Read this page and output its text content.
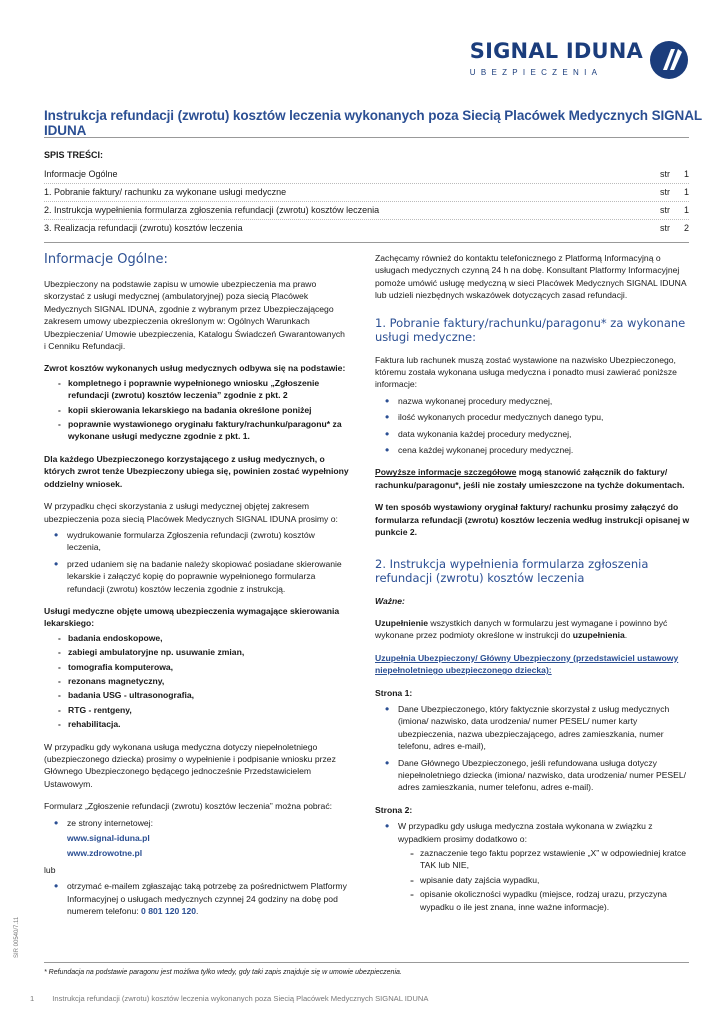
SIGNAL IDUNA
UBEZPIECZENIA
Instrukcja refundacji (zwrotu) kosztów leczenia wykonanych poza Siecią Placówek Medycznych SIGNAL IDUNA
SPIS TREŚCI:
Informacje Ogólne	str 1
1. Pobranie faktury/ rachunku za wykonane usługi medyczne	str 1
2. Instrukcja wypełnienia formularza zgłoszenia refundacji (zwrotu) kosztów leczenia	str 1
3. Realizacja refundacji (zwrotu) kosztów leczenia	str 2
Informacje Ogólne:

Ubezpieczony na podstawie zapisu w umowie ubezpieczenia ma prawo skorzystać z usługi medycznej (ambulatoryjnej) poza siecią Placówek Medycznych SIGNAL IDUNA, zgodnie z wybranym przez Ubezpieczającego zakresem umowy ubezpieczenia określonym w: Ogólnych Warunkach Ubezpieczenia/ Umowie ubezpieczenia, Katalogu Świadczeń Gwarantowanych i Cenniku Refundacji.

Zwrot kosztów wykonanych usług medycznych odbywa się na podstawie:

- kompletnego i poprawnie wypełnionego wniosku „Zgłoszenie refundacji (zwrotu) kosztów leczenia” zgodnie z pkt. 2
- kopii skierowania lekarskiego na badania określone poniżej
- poprawnie wystawionego oryginału faktury/rachunku/paragonu* za wykonane usługi medyczne zgodnie z pkt. 1.

Dla każdego Ubezpieczonego korzystającego z usług medycznych, o których zwrot tenże Ubezpieczony ubiega się, powinien zostać wypełniony oddzielny wniosek.

W przypadku chęci skorzystania z usługi medycznej objętej zakresem ubezpieczenia poza siecią Placówek Medycznych SIGNAL IDUNA prosimy o:

• wydrukowanie formularza Zgłoszenia refundacji (zwrotu) kosztów leczenia,
• przed udaniem się na badanie należy skopiować posiadane skierowanie lekarskie i załączyć kopię do poprawnie wypełnionego formularza refundacji (zwrotu) kosztów leczenia zgodnie z instrukcją.

Usługi medyczne objęte umową ubezpieczenia wymagające skierowania lekarskiego:

- badania endoskopowe,
- zabiegi ambulatoryjne np. usuwanie zmian,
- tomografia komputerowa,
- rezonans magnetyczny,
- badania USG - ultrasonografia,
- RTG - rentgeny,
- rehabilitacja.

W przypadku gdy wykonana usługa medyczna dotyczy niepełnoletniego (ubezpieczonego dziecka) prosimy o wypełnienie i podpisanie wniosku przez Głównego Ubezpieczonego będącego jednocześnie Przedstawicielem Ustawowym.

Formularz „Zgłoszenie refundacji (zwrotu) kosztów leczenia” można pobrać:

• ze strony internetowej:
www.signal-iduna.pl
www.zdrowotne.pl

lub

• otrzymać e-mailem zgłaszając taką potrzebę za pośrednictwem Platformy Informacyjnej o usługach medycznych czynnej 24 godziny na dobę pod numerem telefonu: 0 801 120 120.

Zachęcamy również do kontaktu telefonicznego z Platformą Informacyjną o usługach medycznych czynną 24 h na dobę. Konsultant Platformy Informacyjnej pomoże umówić usługę medyczną w sieci Placówek Medycznych SIGNAL IDUNA lub udzieli niezbędnych wskazówek dotyczących zasad refundacji.

1. Pobranie faktury/rachunku/paragonu* za wykonane usługi medyczne:

Faktura lub rachunek muszą zostać wystawione na nazwisko Ubezpieczonego, któremu została wykonana usługa medyczna i ponadto musi zawierać poniższe informacje:

• nazwa wykonanej procedury medycznej,
• ilość wykonanych procedur medycznych danego typu,
• data wykonania każdej procedury medycznej,
• cena każdej wykonanej procedury medycznej.

Powyższe informacje szczegółowe mogą stanowić załącznik do faktury/ rachunku/paragonu*, jeśli nie zostały umieszczone na tychże dokumentach.

W ten sposób wystawiony oryginał faktury/ rachunku prosimy załączyć do formularza refundacji (zwrotu) kosztów leczenia według instrukcji opisanej w punkcie 2.

2. Instrukcja wypełnienia formularza zgłoszenia refundacji (zwrotu) kosztów leczenia

Ważne:

Uzupełnienie wszystkich danych w formularzu jest wymagane i powinno być wykonane przez podmioty określone w instrukcji do uzupełnienia.

Uzupełnia Ubezpieczony/ Główny Ubezpieczony (przedstawiciel ustawowy niepełnoletniego ubezpieczonego dziecka):

Strona 1:

• Dane Ubezpieczonego, który faktycznie skorzystał z usług medycznych (imiona/ nazwisko, data urodzenia/ numer PESEL/ numer karty ubezpieczenia, nazwa ubezpieczającego, adres zamieszkania, numer telefonu, adres e-mail),
• Dane Głównego Ubezpieczonego, jeśli refundowana usługa dotyczy niepełnoletniego dziecka (imiona/ nazwisko, data urodzenia/ numer PESEL/ adres zamieszkania, numer telefonu, adres e-mail).

Strona 2:

• W przypadku gdy usługa medyczna została wykonana w związku z wypadkiem prosimy dodatkowo o:
- zaznaczenie tego faktu poprzez wstawienie „X” w odpowiedniej kratce TAK lub NIE,
- wpisanie daty zajścia wypadku,
- opisanie okoliczności wypadku (miejsce, rodzaj urazu, przyczyna wypadku o ile jest znana, inne ważne informacje).
* Refundacja na podstawie paragonu jest możliwa tylko wtedy, gdy taki zapis znajduje się w umowie ubezpieczenia.
SIR 00540/7.11
1 Instrukcja refundacji (zwrotu) kosztów leczenia wykonanych poza Siecią Placówek Medycznych SIGNAL IDUNA
